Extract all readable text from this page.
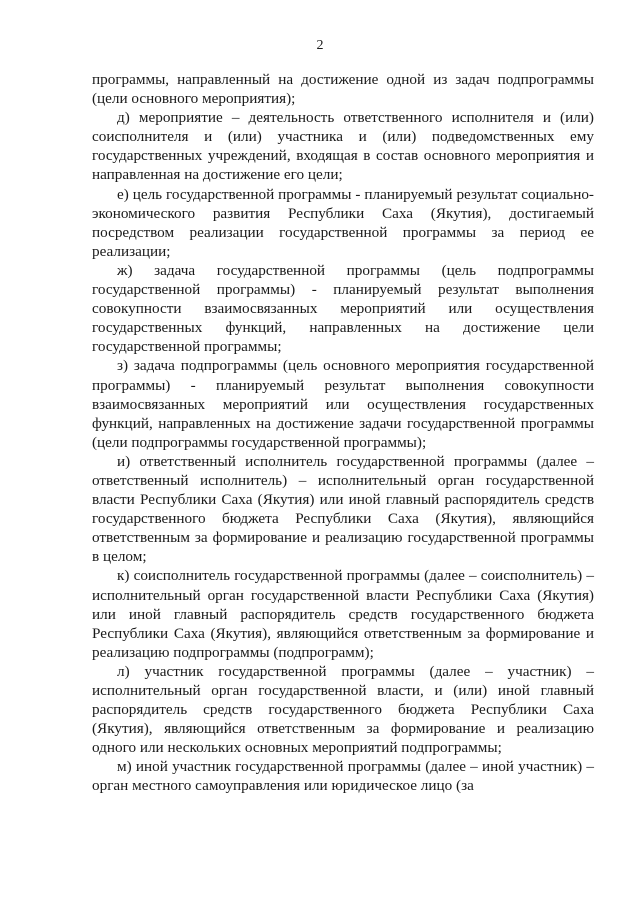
2

программы, направленный на достижение одной из задач подпрограммы (цели основного мероприятия);

д) мероприятие – деятельность ответственного исполнителя и (или) соисполнителя и (или) участника и (или) подведомственных ему государственных учреждений, входящая в состав основного мероприятия и направленная на достижение его цели;

е) цель государственной программы - планируемый результат социально-экономического развития Республики Саха (Якутия), достигаемый посредством реализации государственной программы за период ее реализации;

ж) задача государственной программы (цель подпрограммы государственной программы) - планируемый результат выполнения совокупности взаимосвязанных мероприятий или осуществления государственных функций, направленных на достижение цели государственной программы;

з) задача подпрограммы (цель основного мероприятия государственной программы) - планируемый результат выполнения совокупности взаимосвязанных мероприятий или осуществления государственных функций, направленных на достижение задачи государственной программы (цели подпрограммы государственной программы);

и) ответственный исполнитель государственной программы (далее – ответственный исполнитель) – исполнительный орган государственной власти Республики Саха (Якутия) или иной главный распорядитель средств государственного бюджета Республики Саха (Якутия), являющийся ответственным за формирование и реализацию государственной программы в целом;

к) соисполнитель государственной программы (далее – соисполнитель) – исполнительный орган государственной власти Республики Саха (Якутия) или иной главный распорядитель средств государственного бюджета Республики Саха (Якутия), являющийся ответственным за формирование и реализацию подпрограммы (подпрограмм);

л) участник государственной программы (далее – участник) – исполнительный орган государственной власти, и (или) иной главный распорядитель средств государственного бюджета Республики Саха (Якутия), являющийся ответственным за формирование и реализацию одного или нескольких основных мероприятий подпрограммы;

м) иной участник государственной программы (далее – иной участник) – орган местного самоуправления или юридическое лицо (за
